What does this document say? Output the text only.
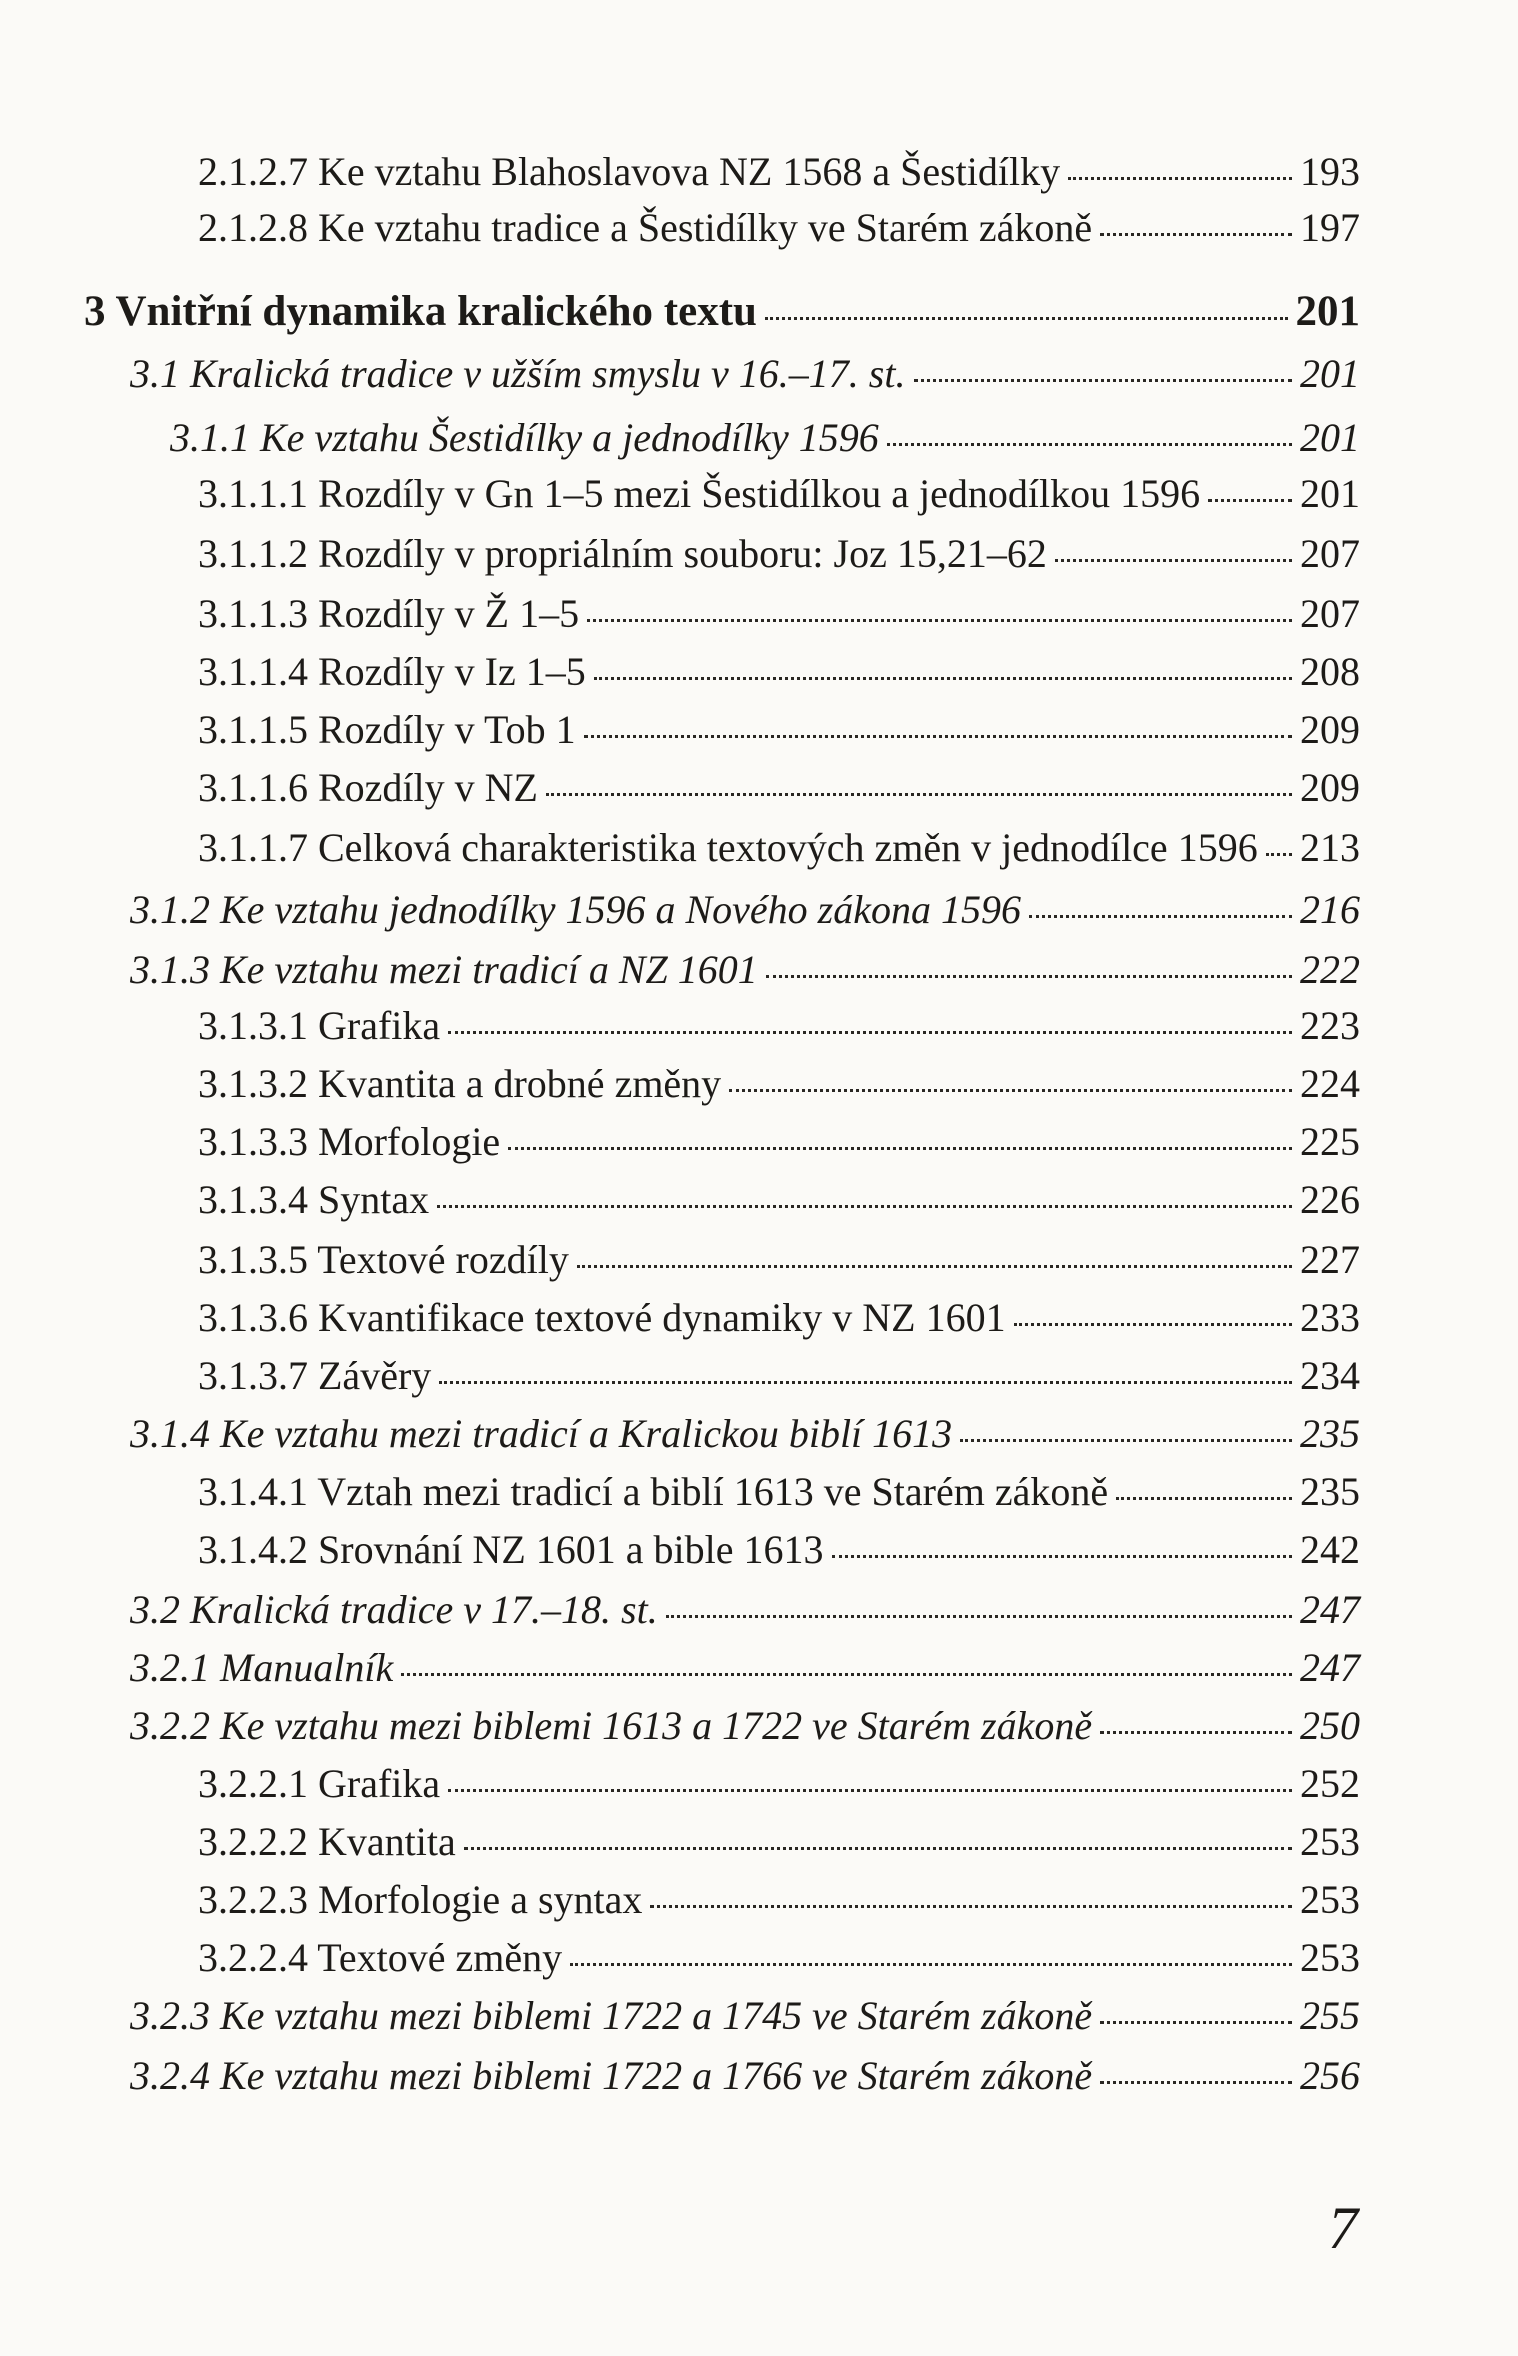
2.1.2.7 Ke vztahu Blahoslavova NZ 1568 a Šestidílky	193
2.1.2.8 Ke vztahu tradice a Šestidílky ve Starém zákoně	197
3 Vnitřní dynamika kralického textu	201
3.1 Kralická tradice v užším smyslu v 16.–17. st.	201
3.1.1 Ke vztahu Šestidílky a jednodílky 1596	201
3.1.1.1 Rozdíly v Gn 1–5 mezi Šestidílkou a jednodílkou 1596 201
3.1.1.2 Rozdíly v propriálním souboru: Joz 15,21–62	207
3.1.1.3 Rozdíly v Ž 1–5	207
3.1.1.4 Rozdíly v Iz 1–5	208
3.1.1.5 Rozdíly v Tob 1	209
3.1.1.6 Rozdíly v NZ	209
3.1.1.7 Celková charakteristika textových změn v jednodílce 1596 213
3.1.2 Ke vztahu jednodílky 1596 a Nového zákona 1596	216
3.1.3 Ke vztahu mezi tradicí a NZ 1601	222
3.1.3.1 Grafika	223
3.1.3.2 Kvantita a drobné změny	224
3.1.3.3 Morfologie	225
3.1.3.4 Syntax	226
3.1.3.5 Textové rozdíly	227
3.1.3.6 Kvantifikace textové dynamiky v NZ 1601	233
3.1.3.7 Závěry	234
3.1.4 Ke vztahu mezi tradicí a Kralickou biblí 1613	235
3.1.4.1 Vztah mezi tradicí a biblí 1613 ve Starém zákoně	235
3.1.4.2 Srovnání NZ 1601 a bible 1613	242
3.2 Kralická tradice v 17.–18. st.	247
3.2.1 Manualník	247
3.2.2 Ke vztahu mezi biblemi 1613 a 1722 ve Starém zákoně	250
3.2.2.1 Grafika	252
3.2.2.2 Kvantita	253
3.2.2.3 Morfologie a syntax	253
3.2.2.4 Textové změny	253
3.2.3 Ke vztahu mezi biblemi 1722 a 1745 ve Starém zákoně	255
3.2.4 Ke vztahu mezi biblemi 1722 a 1766 ve Starém zákoně	256
7
